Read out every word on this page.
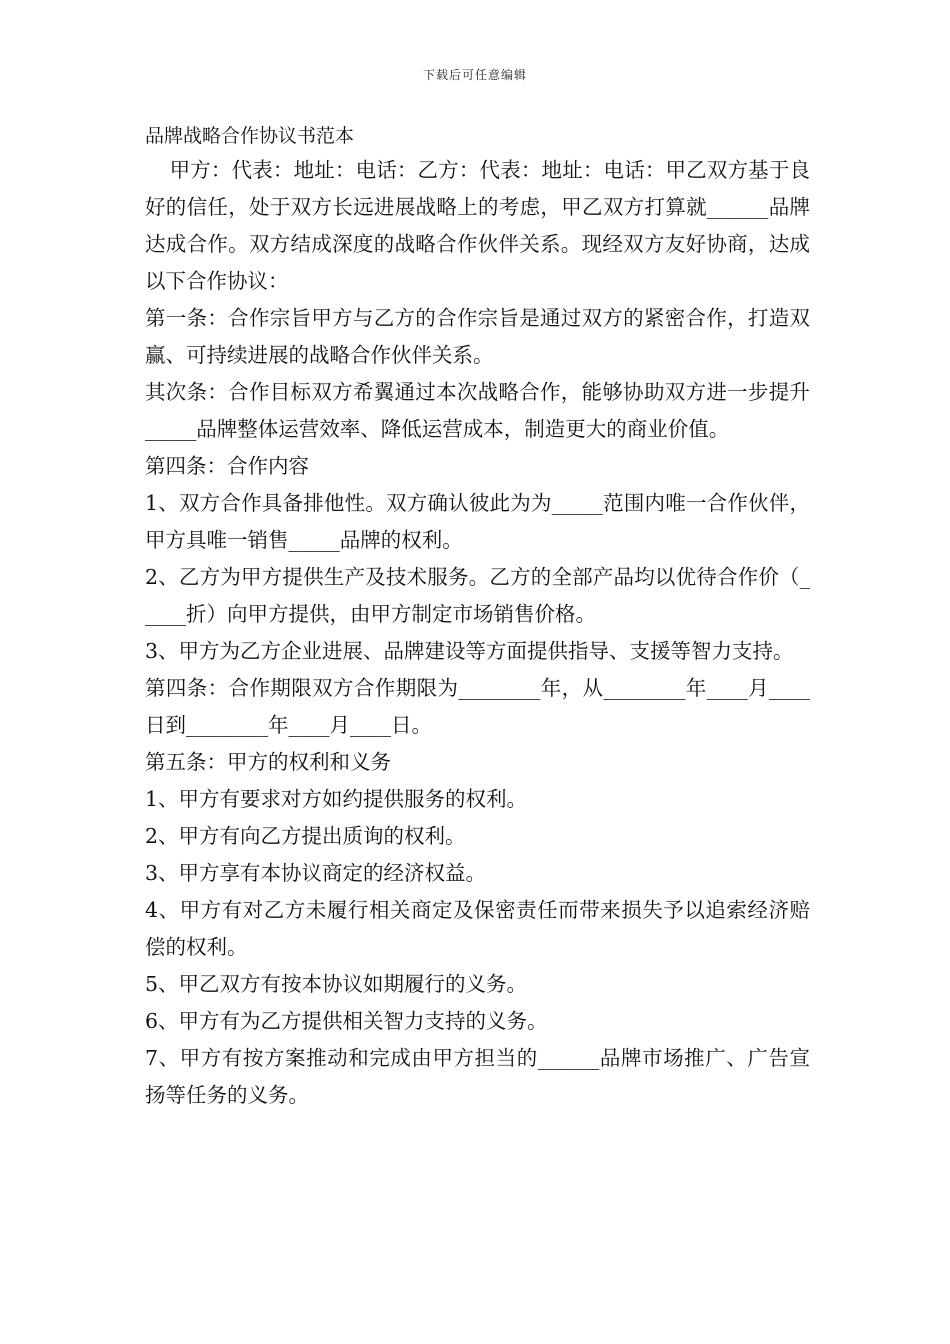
下载后可任意编辑

品牌战略合作协议书范本

甲方：代表：地址：电话：乙方：代表：地址：电话：甲乙双方基于良好的信任，处于双方长远进展战略上的考虑，甲乙双方打算就______品牌达成合作。双方结成深度的战略合作伙伴关系。现经双方友好协商，达成以下合作协议：

第一条：合作宗旨甲方与乙方的合作宗旨是通过双方的紧密合作，打造双赢、可持续进展的战略合作伙伴关系。

其次条：合作目标双方希翼通过本次战略合作，能够协助双方进一步提升_____品牌整体运营效率、降低运营成本，制造更大的商业价值。

第四条：合作内容

1、双方合作具备排他性。双方确认彼此为为_____范围内唯一合作伙伴，甲方具唯一销售_____品牌的权利。

2、乙方为甲方提供生产及技术服务。乙方的全部产品均以优待合作价（_____折）向甲方提供，由甲方制定市场销售价格。

3、甲方为乙方企业进展、品牌建设等方面提供指导、支援等智力支持。

第四条：合作期限双方合作期限为________年，从________年____月____日到________年____月____日。

第五条：甲方的权利和义务

1、甲方有要求对方如约提供服务的权利。

2、甲方有向乙方提出质询的权利。

3、甲方享有本协议商定的经济权益。

4、甲方有对乙方未履行相关商定及保密责任而带来损失予以追索经济赔偿的权利。

5、甲乙双方有按本协议如期履行的义务。

6、甲方有为乙方提供相关智力支持的义务。

7、甲方有按方案推动和完成由甲方担当的______品牌市场推广、广告宣扬等任务的义务。
